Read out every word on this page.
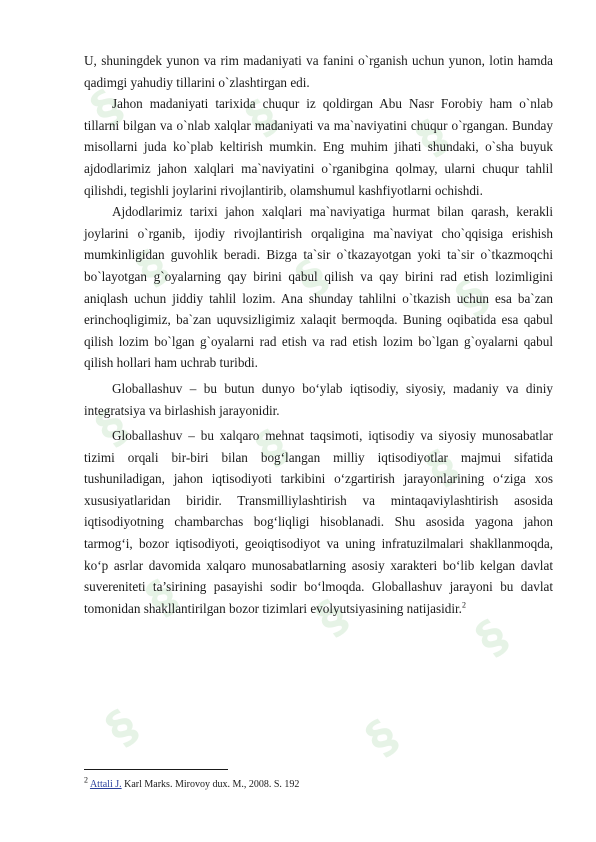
§ §	§
§ § §
§ §	§
§	§ §
§	§

U, shuningdek yunon va rim madaniyati va fanini o`rganish uchun yunon, lotin hamda qadimgi yahudiy tillarini o`zlashtirgan edi.

Jahon madaniyati tarixida chuqur iz qoldirgan Abu Nasr Forobiy ham o`nlab tillarni bilgan va o`nlab xalqlar madaniyati va ma`naviyatini chuqur o`rgangan. Bunday misollarni juda ko`plab keltirish mumkin. Eng muhim jihati shundaki, o`sha buyuk ajdodlarimiz jahon xalqlari ma`naviyatini o`rganibgina qolmay, ularni chuqur tahlil qilishdi, tegishli joylarini rivojlantirib, olamshumul kashfiyotlarni ochishdi.

Ajdodlarimiz tarixi jahon xalqlari ma`naviyatiga hurmat bilan qarash, kerakli joylarini o`rganib, ijodiy rivojlantirish orqaligina ma`naviyat cho`qqisiga erishish mumkinligidan guvohlik beradi. Bizga ta`sir o`tkazayotgan yoki ta`sir o`tkazmoqchi bo`layotgan g`oyalarning qay birini qabul qilish va qay birini rad etish lozimligini aniqlash uchun jiddiy tahlil lozim. Ana shunday tahlilni o`tkazish uchun esa ba`zan erinchoqligimiz, ba`zan uquvsizligimiz xalaqit bermoqda. Buning oqibatida esa qabul qilish lozim bo`lgan g`oyalarni rad etish va rad etish lozim bo`lgan g`oyalarni qabul qilish hollari ham uchrab turibdi.

Globallashuv – bu butun dunyo bo‘ylab iqtisodiy, siyosiy, madaniy va diniy integratsiya va birlashish jarayonidir.

Globallashuv – bu xalqaro mehnat taqsimoti, iqtisodiy va siyosiy munosabatlar tizimi orqali bir-biri bilan bog‘langan milliy iqtisodiyotlar majmui sifatida tushuniladigan, jahon iqtisodiyoti tarkibini o‘zgartirish jarayonlarining o‘ziga xos xususiyatlaridan biridir. Transmilliylashtirish va mintaqaviylashtirish asosida iqtisodiyotning chambarchas bog‘liqligi hisoblanadi. Shu asosida yagona jahon tarmog‘i, bozor iqtisodiyoti, geoiqtisodiyot va uning infratuzilmalari shakllanmoqda, ko‘p asrlar davomida xalqaro munosabatlarning asosiy xarakteri bo‘lib kelgan davlat suvereniteti ta’sirining pasayishi sodir bo‘lmoqda. Globallashuv jarayoni bu davlat tomonidan shakllantirilgan bozor tizimlari evolyutsiyasining natijasidir.$^2$

$^2$ Attali J. Karl Marks. Mirovoy dux. M., 2008. S. 192
